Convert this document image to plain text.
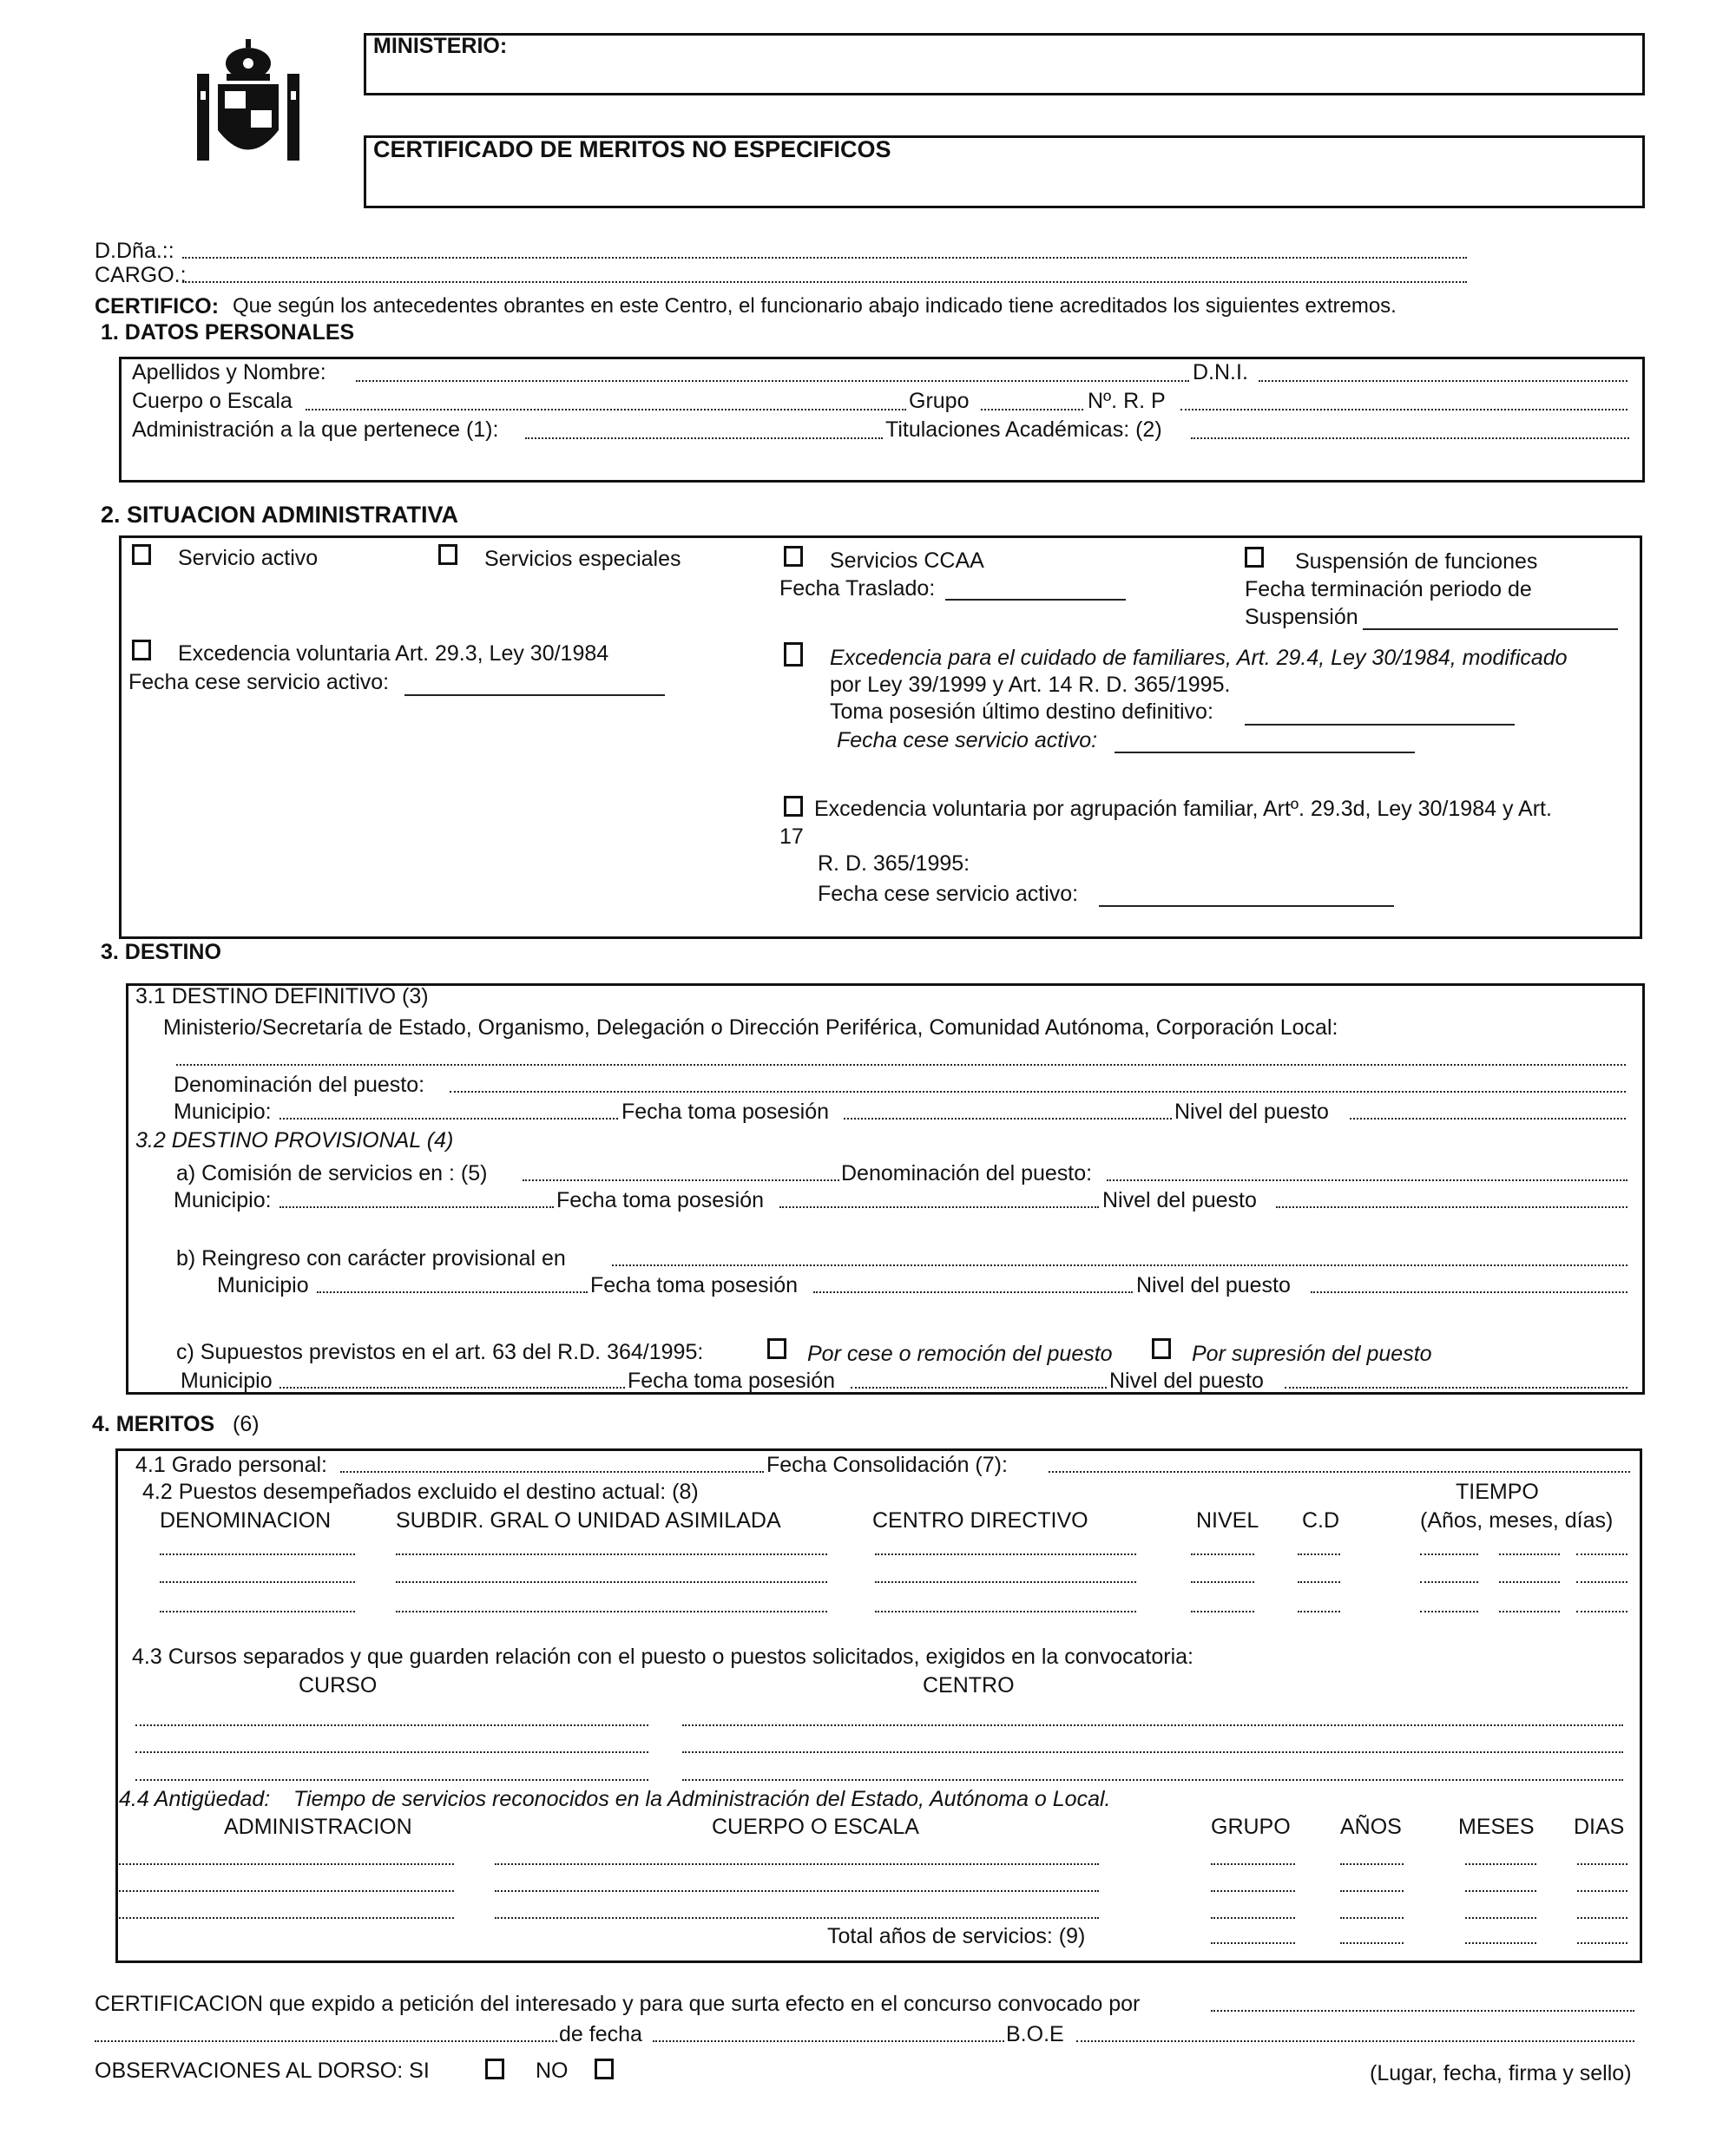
MINISTERIO:
CERTIFICADO DE MERITOS NO ESPECIFICOS
D.Dña.::
CARGO.:
CERTIFICO: Que según los antecedentes obrantes en este Centro, el funcionario abajo indicado tiene acreditados los siguientes extremos.
1. DATOS PERSONALES
Apellidos y Nombre:	D.N.I.
Cuerpo o Escala	Grupo	Nº. R. P
Administración a la que pertenece (1):	Titulaciones Académicas: (2)
2. SITUACION ADMINISTRATIVA
Servicio activo	Servicios especiales	Servicios CCAA
Fecha Traslado:
Suspensión de funciones
Fecha terminación periodo de
Suspensión
Excedencia voluntaria Art. 29.3, Ley 30/1984
Fecha cese servicio activo:
Excedencia para el cuidado de familiares, Art. 29.4, Ley 30/1984, modificado
por Ley 39/1999 y Art. 14 R. D. 365/1995.
Toma posesión último destino definitivo:
Fecha cese servicio activo:
Excedencia voluntaria por agrupación familiar, Artº. 29.3d, Ley 30/1984 y Art.
17
R. D. 365/1995:
Fecha cese servicio activo:
3. DESTINO
3.1 DESTINO DEFINITIVO (3)
Ministerio/Secretaría de Estado, Organismo, Delegación o Dirección Periférica, Comunidad Autónoma, Corporación Local:
Denominación del puesto:
Municipio:	Fecha toma posesión	Nivel del puesto
3.2 DESTINO PROVISIONAL (4)
a) Comisión de servicios en : (5)	Denominación del puesto:
Municipio:	Fecha toma posesión	Nivel del puesto
b) Reingreso con carácter provisional en
Municipio	Fecha toma posesión	Nivel del puesto
c) Supuestos previstos en el art. 63 del R.D. 364/1995:	Por cese o remoción del puesto	Por supresión del puesto
Municipio	Fecha toma posesión	Nivel del puesto
4. MERITOS (6)
4.1 Grado personal:	Fecha Consolidación (7):
4.2 Puestos desempeñados excluido el destino actual: (8)	TIEMPO
DENOMINACION	SUBDIR. GRAL O UNIDAD ASIMILADA	CENTRO DIRECTIVO	NIVEL C.D	(Años, meses, días)
4.3 Cursos separados y que guarden relación con el puesto o puestos solicitados, exigidos en la convocatoria:
CURSO	CENTRO
4.4 Antigüedad: Tiempo de servicios reconocidos en la Administración del Estado, Autónoma o Local.
ADMINISTRACION	CUERPO O ESCALA	GRUPO AÑOS	MESES DIAS
Total años de servicios: (9)
CERTIFICACION que expido a petición del interesado y para que surta efecto en el concurso convocado por
de fecha	B.O.E
OBSERVACIONES AL DORSO: SI	NO	(Lugar, fecha, firma y sello)
